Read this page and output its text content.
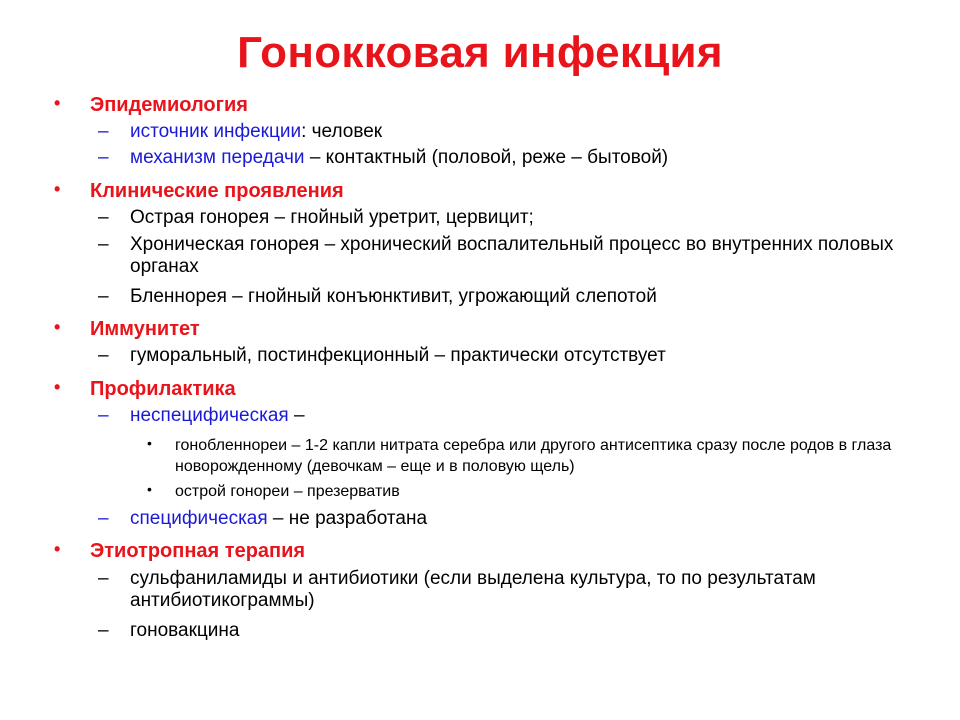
Гонокковая инфекция
• Эпидемиология
– источник инфекции: человек
– механизм передачи – контактный (половой, реже – бытовой)
• Клинические проявления
– Острая гонорея – гнойный уретрит, цервицит;
– Хроническая гонорея – хронический воспалительный процесс во внутренних половых органах
– Бленнорея – гнойный конъюнктивит, угрожающий слепотой
• Иммунитет
– гуморальный, постинфекционный – практически отсутствует
• Профилактика
– неспецифическая –
• гонобленнореи – 1-2 капли нитрата серебра или другого антисептика сразу после родов в глаза новорожденному (девочкам – еще и в половую щель)
• острой гонореи – презерватив
– специфическая – не разработана
• Этиотропная терапия
– сульфаниламиды и антибиотики (если выделена культура, то по результатам антибиотикограммы)
– гоновакцина
